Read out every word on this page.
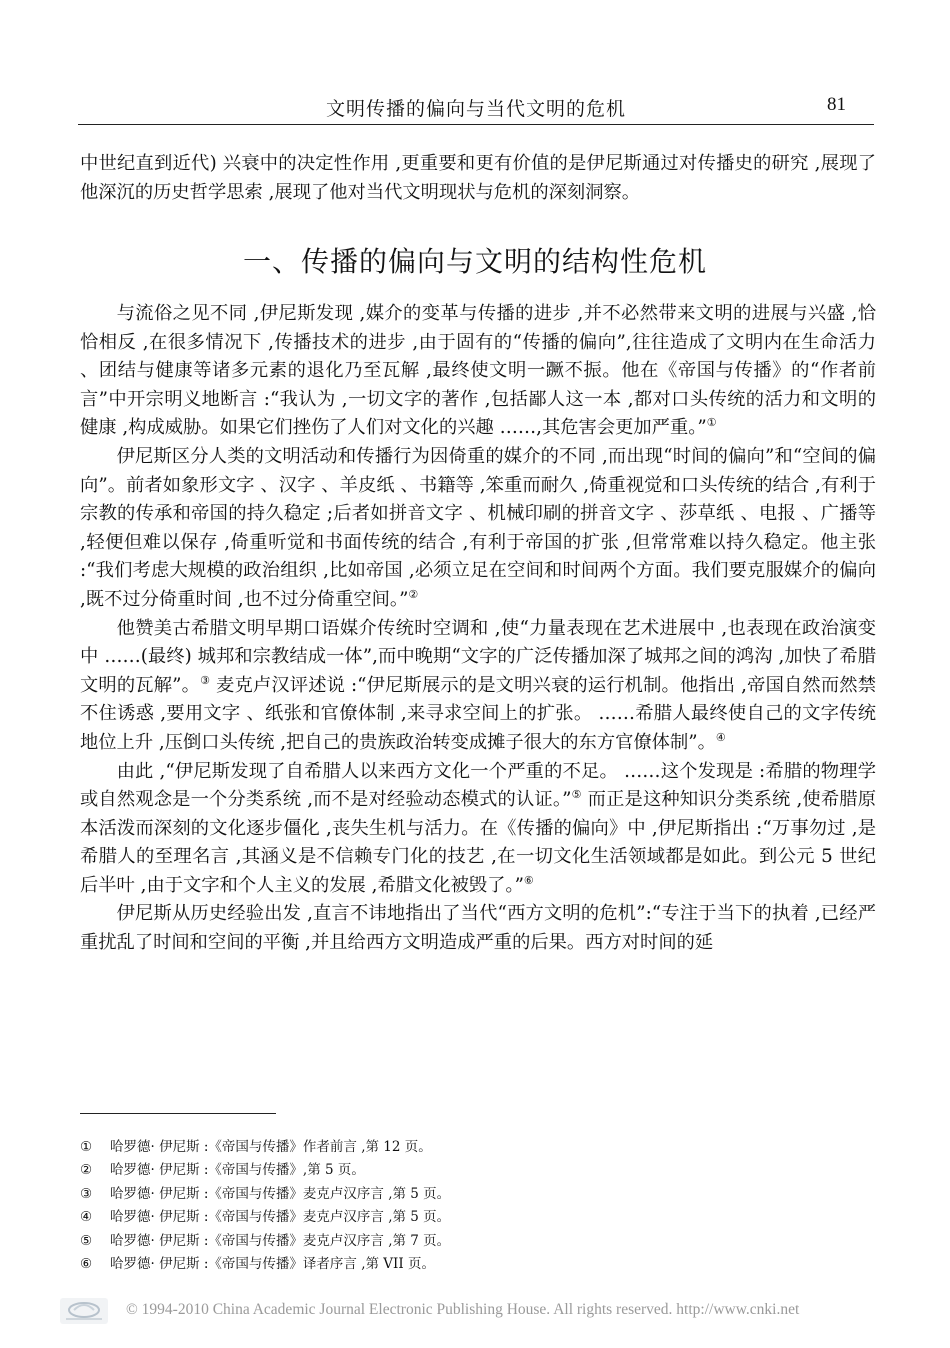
文明传播的偏向与当代文明的危机	81

中世纪直到近代) 兴衰中的决定性作用 ,更重要和更有价值的是伊尼斯通过对传播史的研究 ,展现了他深沉的历史哲学思索 ,展现了他对当代文明现状与危机的深刻洞察。

一、传播的偏向与文明的结构性危机

与流俗之见不同 ,伊尼斯发现 ,媒介的变革与传播的进步 ,并不必然带来文明的进展与兴盛 ,恰恰相反 ,在很多情况下 ,传播技术的进步 ,由于固有的“传播的偏向”,往往造成了文明内在生命活力 、团结与健康等诸多元素的退化乃至瓦解 ,最终使文明一蹶不振。他在《帝国与传播》的“作者前言”中开宗明义地断言 :“我认为 ,一切文字的著作 ,包括鄙人这一本 ,都对口头传统的活力和文明的健康 ,构成威胁。如果它们挫伤了人们对文化的兴趣 ……,其危害会更加严重。”①

伊尼斯区分人类的文明活动和传播行为因倚重的媒介的不同 ,而出现“时间的偏向”和“空间的偏向”。前者如象形文字 、汉字 、羊皮纸 、书籍等 ,笨重而耐久 ,倚重视觉和口头传统的结合 ,有利于宗教的传承和帝国的持久稳定 ;后者如拼音文字 、机械印刷的拼音文字 、莎草纸 、电报 、广播等 ,轻便但难以保存 ,倚重听觉和书面传统的结合 ,有利于帝国的扩张 ,但常常难以持久稳定。他主张 :“我们考虑大规模的政治组织 ,比如帝国 ,必须立足在空间和时间两个方面。我们要克服媒介的偏向 ,既不过分倚重时间 ,也不过分倚重空间。”②

他赞美古希腊文明早期口语媒介传统时空调和 ,使“力量表现在艺术进展中 ,也表现在政治演变中 ……(最终) 城邦和宗教结成一体”,而中晚期“文字的广泛传播加深了城邦之间的鸿沟 ,加快了希腊文明的瓦解”。③ 麦克卢汉评述说 :“伊尼斯展示的是文明兴衰的运行机制。他指出 ,帝国自然而然禁不住诱惑 ,要用文字 、纸张和官僚体制 ,来寻求空间上的扩张。 ……希腊人最终使自己的文字传统地位上升 ,压倒口头传统 ,把自己的贵族政治转变成摊子很大的东方官僚体制”。④

由此 ,“伊尼斯发现了自希腊人以来西方文化一个严重的不足。 ……这个发现是 :希腊的物理学或自然观念是一个分类系统 ,而不是对经验动态模式的认证。”⑤ 而正是这种知识分类系统 ,使希腊原本活泼而深刻的文化逐步僵化 ,丧失生机与活力。在《传播的偏向》中 ,伊尼斯指出 :“万事勿过 ,是希腊人的至理名言 ,其涵义是不信赖专门化的技艺 ,在一切文化生活领域都是如此。到公元 5 世纪后半叶 ,由于文字和个人主义的发展 ,希腊文化被毁了。”⑥

伊尼斯从历史经验出发 ,直言不讳地指出了当代“西方文明的危机”:“专注于当下的执着 ,已经严重扰乱了时间和空间的平衡 ,并且给西方文明造成严重的后果。西方对时间的延

① 哈罗德· 伊尼斯 :《帝国与传播》作者前言 ,第 12 页。
② 哈罗德· 伊尼斯 :《帝国与传播》,第 5 页。
③ 哈罗德· 伊尼斯 :《帝国与传播》麦克卢汉序言 ,第 5 页。
④ 哈罗德· 伊尼斯 :《帝国与传播》麦克卢汉序言 ,第 5 页。
⑤ 哈罗德· 伊尼斯 :《帝国与传播》麦克卢汉序言 ,第 7 页。
⑥ 哈罗德· 伊尼斯 :《帝国与传播》译者序言 ,第 VII 页。
© 1994-2010 China Academic Journal Electronic Publishing House. All rights reserved. http://www.cnki.net
